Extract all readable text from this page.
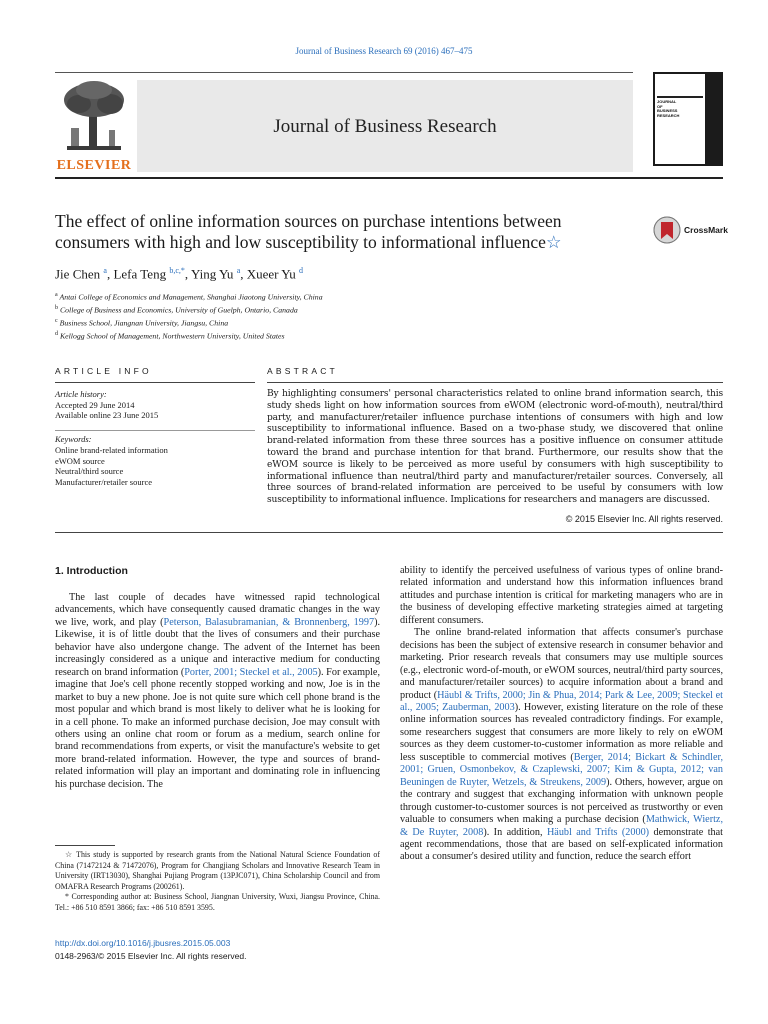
Journal of Business Research 69 (2016) 467–475
ELSEVIER
Journal of Business Research
JOURNAL
OF
BUSINESS
RESEARCH
The effect of online information sources on purchase intentions between consumers with high and low susceptibility to informational influence☆
CrossMark
Jie Chen $^a$, Lefa Teng $^{b,c,*}$, Ying Yu $^a$, Xueer Yu $^d$
$^a$ Antai College of Economics and Management, Shanghai Jiaotong University, China
$^b$ College of Business and Economics, University of Guelph, Ontario, Canada
$^c$ Business School, Jiangnan University, Jiangsu, China
$^d$ Kellogg School of Management, Northwestern University, United States
ARTICLE INFO	ABSTRACT
Article history:
Accepted 29 June 2014
Available online 23 June 2015
Keywords:
Online brand-related information
eWOM source
Neutral/third source
Manufacturer/retailer source
By highlighting consumers' personal characteristics related to online brand information search, this study sheds light on how information sources from eWOM (electronic word-of-mouth), neutral/third party, and manufacturer/retailer influence purchase intentions of consumers with high and low susceptibility to informational influence. Based on a two-phase study, we discovered that online brand-related information from these three sources has a positive influence on consumer attitude toward the brand and purchase intention for that brand. Furthermore, our results show that the eWOM source is likely to be perceived as more useful by consumers with high susceptibility to informational influence than neutral/third party and manufacturer/retailer sources. Conversely, all three sources of brand-related information are perceived to be useful by consumers with low susceptibility to informational influence. Implications for researchers and managers are discussed.
© 2015 Elsevier Inc. All rights reserved.
1. Introduction

The last couple of decades have witnessed rapid technological advancements, which have consequently caused dramatic changes in the way we live, work, and play (Peterson, Balasubramanian, & Bronnenberg, 1997). Likewise, it is of little doubt that the lives of consumers and their purchase behavior have also undergone change. The advent of the Internet has been increasingly considered as a unique and interactive medium for conducting research on brand information (Porter, 2001; Steckel et al., 2005). For example, imagine that Joe's cell phone recently stopped working and now, Joe is in the market to buy a new phone. Joe is not quite sure which cell phone brand is the most popular and which brand is most likely to deliver what he is looking for in a cell phone. To make an informed purchase decision, Joe may consult with others using an online chat room or forum as a medium, search online for brand recommendations from experts, or visit the manufacture's website to get more brand-related information. However, the type and sources of brand-related information will play an important and dominating role in influencing his purchase decision. The

ability to identify the perceived usefulness of various types of online brand-related information and understand how this information influences brand attitudes and purchase intention is critical for marketing managers who are in the business of developing effective marketing strategies aimed at targeting different consumers.

The online brand-related information that affects consumer's purchase decisions has been the subject of extensive research in consumer behavior and marketing. Prior research reveals that consumers may use multiple sources (e.g., electronic word-of-mouth, or eWOM sources, neutral/third party sources, and manufacturer/retailer sources) to acquire information about a brand and product (Häubl & Trifts, 2000; Jin & Phua, 2014; Park & Lee, 2009; Steckel et al., 2005; Zauberman, 2003). However, existing literature on the role of these online information sources has revealed contradictory findings. For example, some researchers suggest that consumers are more likely to rely on eWOM sources as they deem customer-to-customer information as more reliable and less susceptible to commercial motives (Berger, 2014; Bickart & Schindler, 2001; Gruen, Osmonbekov, & Czaplewski, 2007; Kim & Gupta, 2012; van Beuningen de Ruyter, Wetzels, & Streukens, 2009). Others, however, argue on the contrary and suggest that exchanging information with unknown people through customer-to-customer sources is not perceived as trustworthy or even valuable to consumers when making a purchase decision (Mathwick, Wiertz, & De Ruyter, 2008). In addition, Häubl and Trifts (2000) demonstrate that agent recommendations, those that are based on self-explicated information about a consumer's desired utility and function, reduce the search effort

☆ This study is supported by research grants from the National Natural Science Foundation of China (71472124 & 71472076), Program for Changjiang Scholars and Innovative Research Team in University (IRT13030), Shanghai Pujiang Program (13PJC071), China Scholarship Council and from OMAFRA Research Programs (200261).

* Corresponding author at: Business School, Jiangnan University, Wuxi, Jiangsu Province, China. Tel.: +86 510 8591 3866; fax: +86 510 8591 3595.

http://dx.doi.org/10.1016/j.jbusres.2015.05.003
0148-2963/© 2015 Elsevier Inc. All rights reserved.
